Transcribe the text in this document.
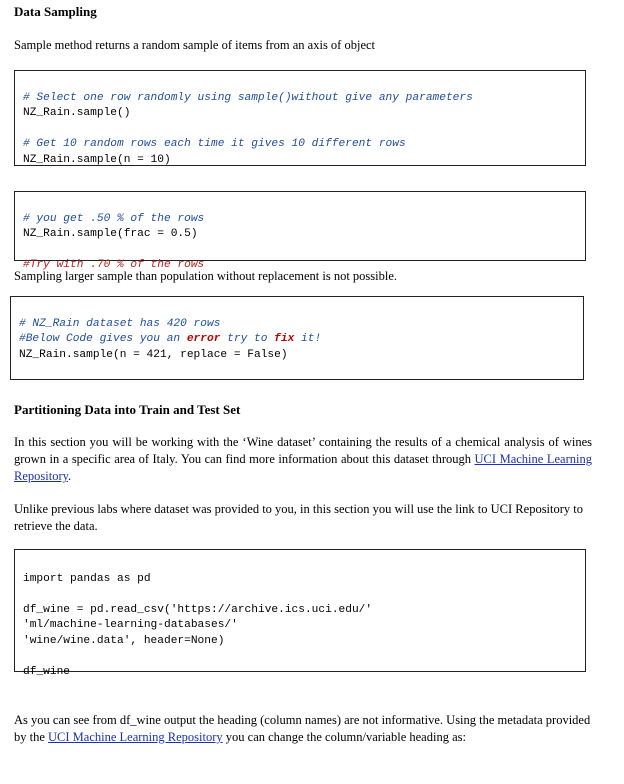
Data Sampling
Sample method returns a random sample of items from an axis of object

# Select one row randomly using sample()without give any parameters
NZ_Rain.sample()
# Get 10 random rows each time it gives 10 different rows
NZ_Rain.sample(n = 10)

# you get .50 % of the rows
NZ_Rain.sample(frac = 0.5)
#Try with .70 % of the rows
Sampling larger sample than population without replacement is not possible.

# NZ_Rain dataset has 420 rows
#Below Code gives you an error try to fix it!
NZ_Rain.sample(n = 421, replace = False)
Partitioning Data into Train and Test Set
In this section you will be working with the ‘Wine dataset’ containing the results of a chemical analysis of wines grown in a specific area of Italy. You can find more information about this dataset through UCI Machine Learning Repository.
Unlike previous labs where dataset was provided to you, in this section you will use the link to UCI Repository to retrieve the data.

import pandas as pd
df_wine = pd.read_csv('https://archive.ics.uci.edu/'
'ml/machine-learning-databases/'
'wine/wine.data', header=None)
df_wine
As you can see from df_wine output the heading (column names) are not informative. Using the metadata provided by the UCI Machine Learning Repository you can change the column/variable heading as:
